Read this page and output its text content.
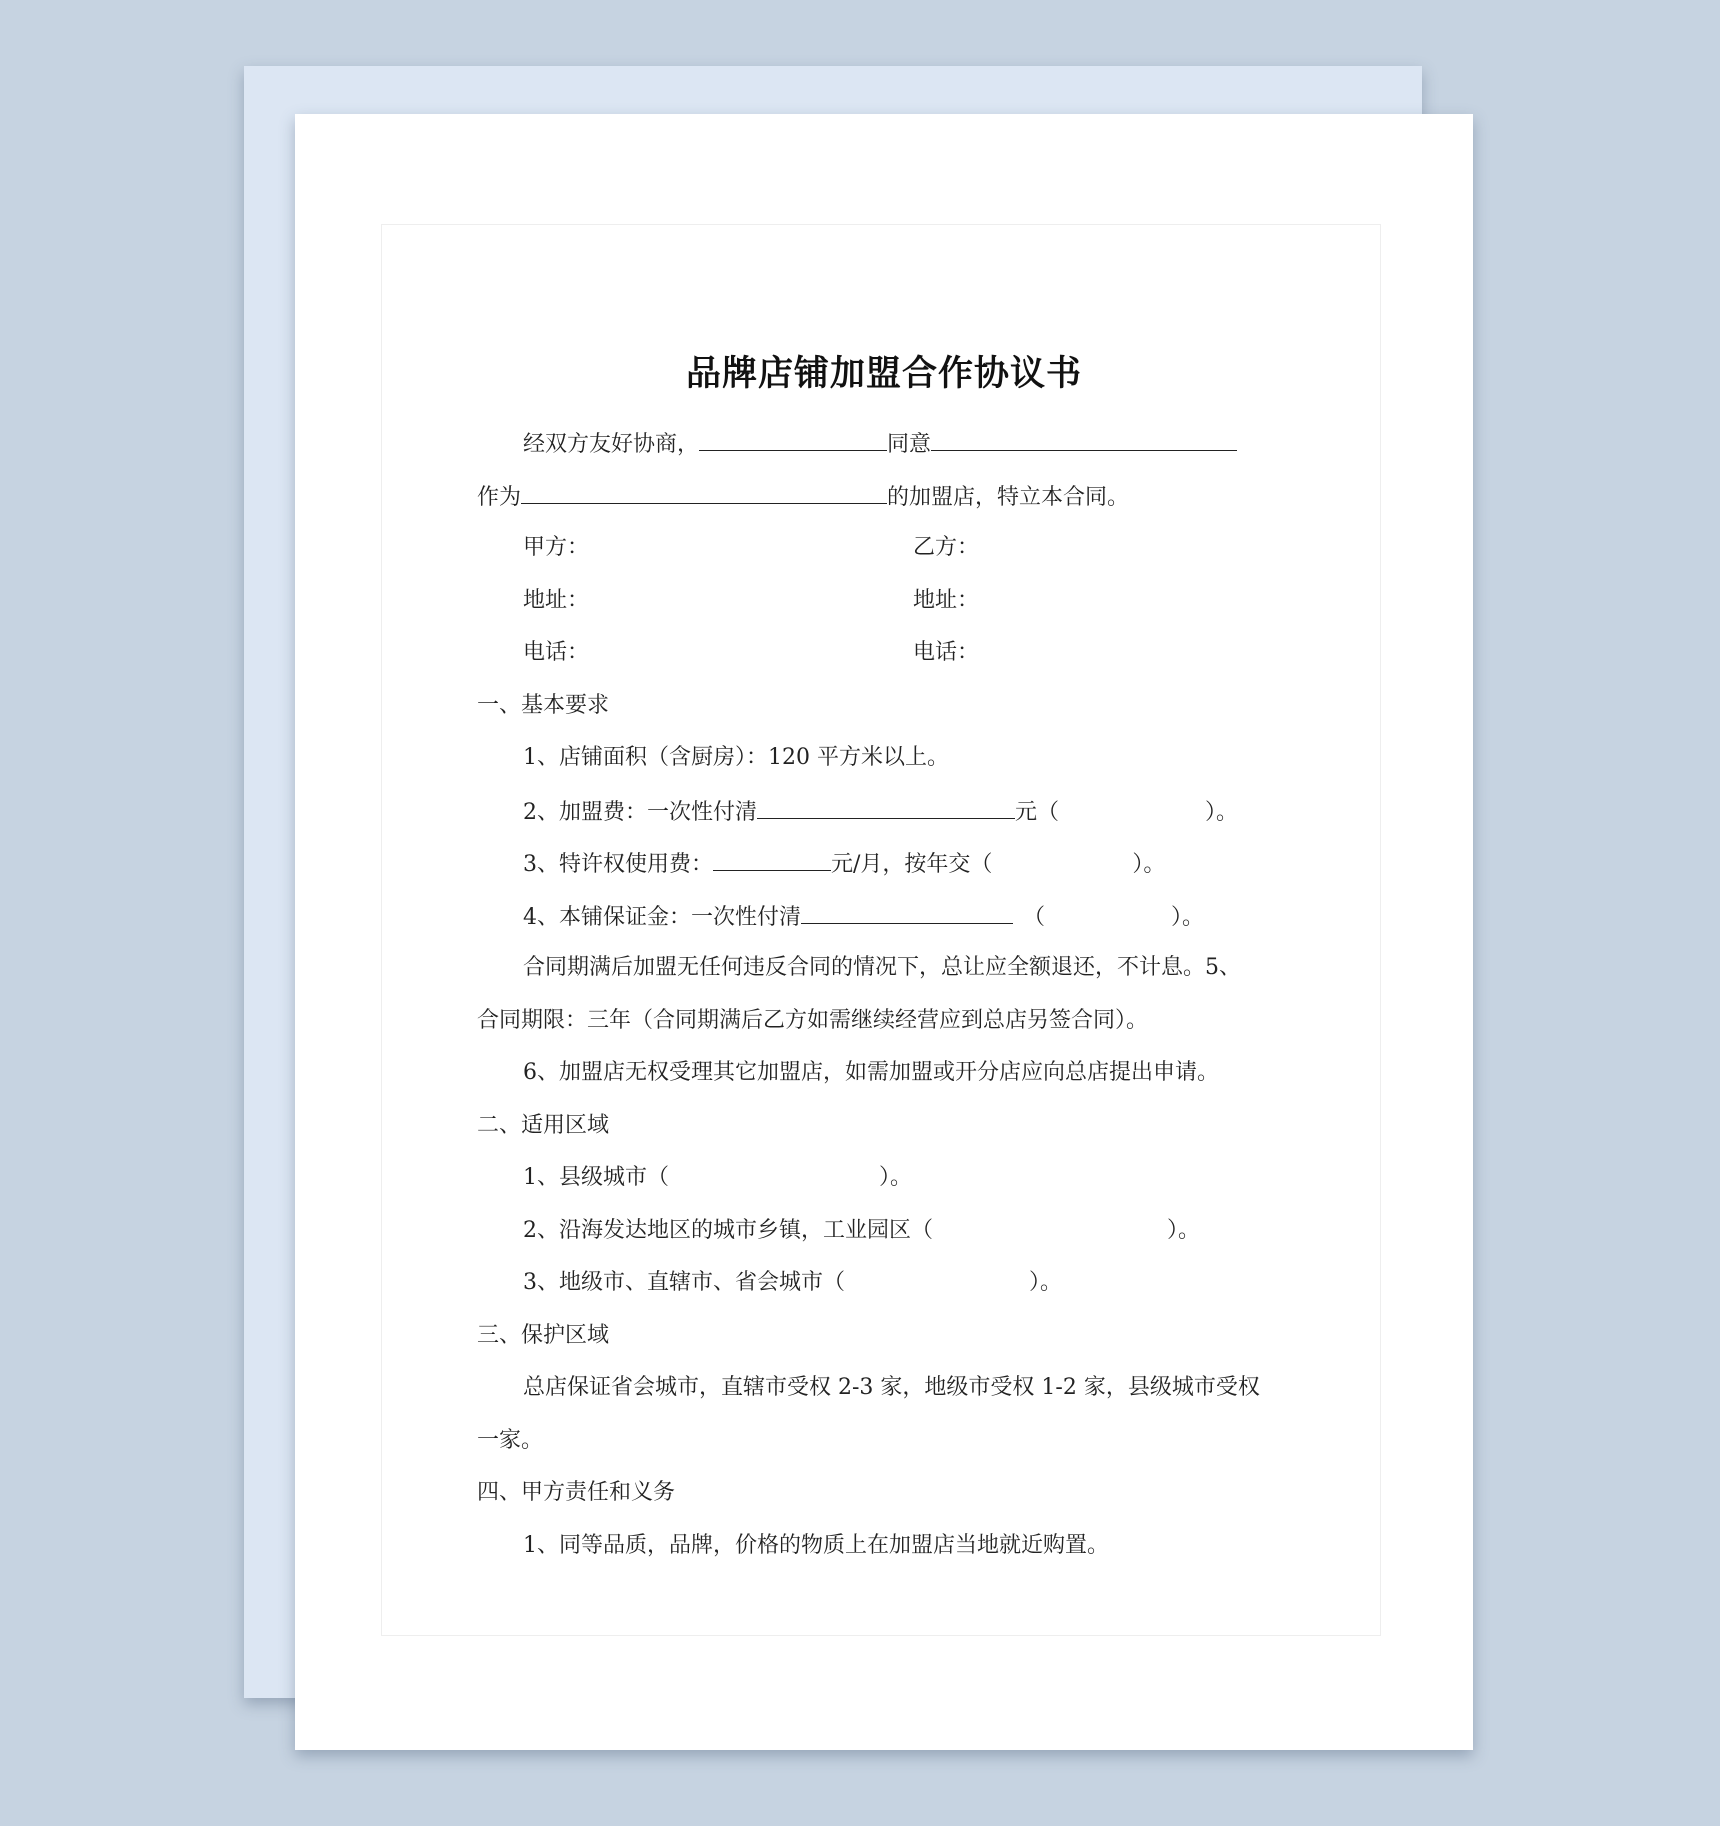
品牌店铺加盟合作协议书
经双方友好协商，	同意
作为	的加盟店，特立本合同。
甲方：	乙方：
地址：	地址：
电话：	电话：
一、基本要求
1、店铺面积（含厨房）：120 平方米以上。
2、加盟费：一次性付清	元（	）。
3、特许权使用费：	元/月，按年交（	）。
4、本铺保证金：一次性付清	（	）。
合同期满后加盟无任何违反合同的情况下，总让应全额退还，不计息。5、
合同期限：三年（合同期满后乙方如需继续经营应到总店另签合同）。
6、加盟店无权受理其它加盟店，如需加盟或开分店应向总店提出申请。
二、适用区域
1、县级城市（	）。
2、沿海发达地区的城市乡镇，工业园区（	）。
3、地级市、直辖市、省会城市（	）。
三、保护区域
总店保证省会城市，直辖市受权 2-3 家，地级市受权 1-2 家，县级城市受权
一家。
四、甲方责任和义务
1、同等品质，品牌，价格的物质上在加盟店当地就近购置。
